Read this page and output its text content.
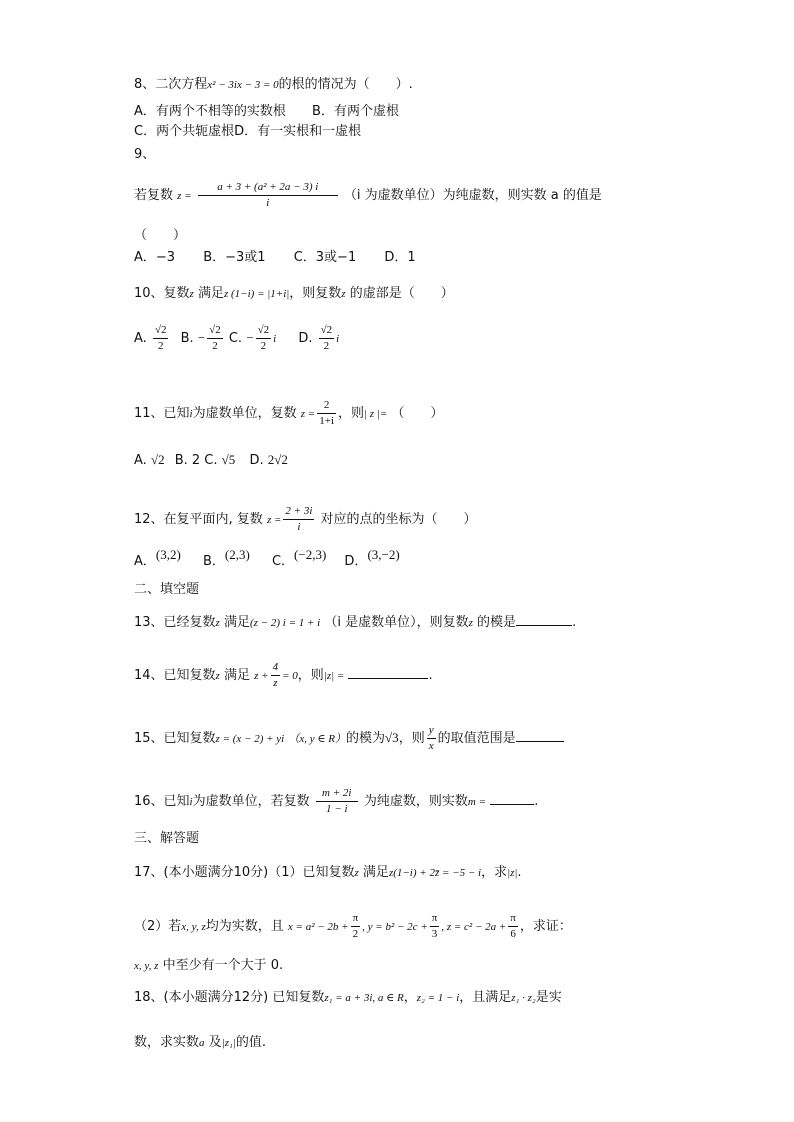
8、二次方程x² − 3ix − 3 = 0的根的情况为（　　）.
A．有两个不相等的实数根 B．有两个虚根
C．两个共轭虚根D．有一实根和一虚根
9、
若复数 $z = \frac{\text{a + 3 + (a² + 2a − 3) i}}{i} (i$ 为虚数单位）为纯虚数，则实数 a 的值是
（　　）
A．−3 B．−3或1 C．3或−1 D．1
10、复数z 满足z (1−i) = |1+i|，则复数z 的虚部是（　　）
A. $\frac{√2}{2} B$. − $\frac{√2}{2} C$. − $\frac{√2}{2}$ i D. $\frac{√2}{2}$ i
11、已知i为虚数单位，复数 $z = \frac{2}{1+i}$ ，则| z |= （　　）
A. √2 B. 2 C. √5 D. 2√2
12、在复平面内, 复数 $z = \frac{2 + 3i}{i}$ 对应的点的坐标为（　　）
A．(3,2) B．(2,3) C．(−2,3) D．(3,−2)
二、填空题
13、已经复数z 满足(z − 2) i = 1 + i （i 是虚数单位），则复数z 的模是	.
14、已知复数z 满足 $z + \frac{4}{z} = 0$，则|z| =	.
15、已知复数z = (x − 2) + yi （x, y ∈ R）的模为√3，则 $\frac{y}{x}$ 的取值范围是
16、已知i为虚数单位，若复数 $\frac{m + 2i}{1 - i}$ 为纯虚数，则实数m =	.
三、解答题
17、(本小题满分10分)（1）已知复数z 满足z(1−i) + 2z̄ = −5 − i，求|z|.
（2）若x, y, z均为实数，且 $x = a^2 - 2b + \frac{\pi}{2}$ , $y = b^2 - 2c + \frac{\pi}{3}$ , $z = c^2 - 2a + \frac{\pi}{6}$ ，求证：
x, y, z 中至少有一个大于 0.
18、(本小题满分12分) 已知复数z₁ = a + 3i, a ∈ R，z₂ = 1 − i，且满足z₁ · z₂是实
数，求实数a 及|z₁|的值.
